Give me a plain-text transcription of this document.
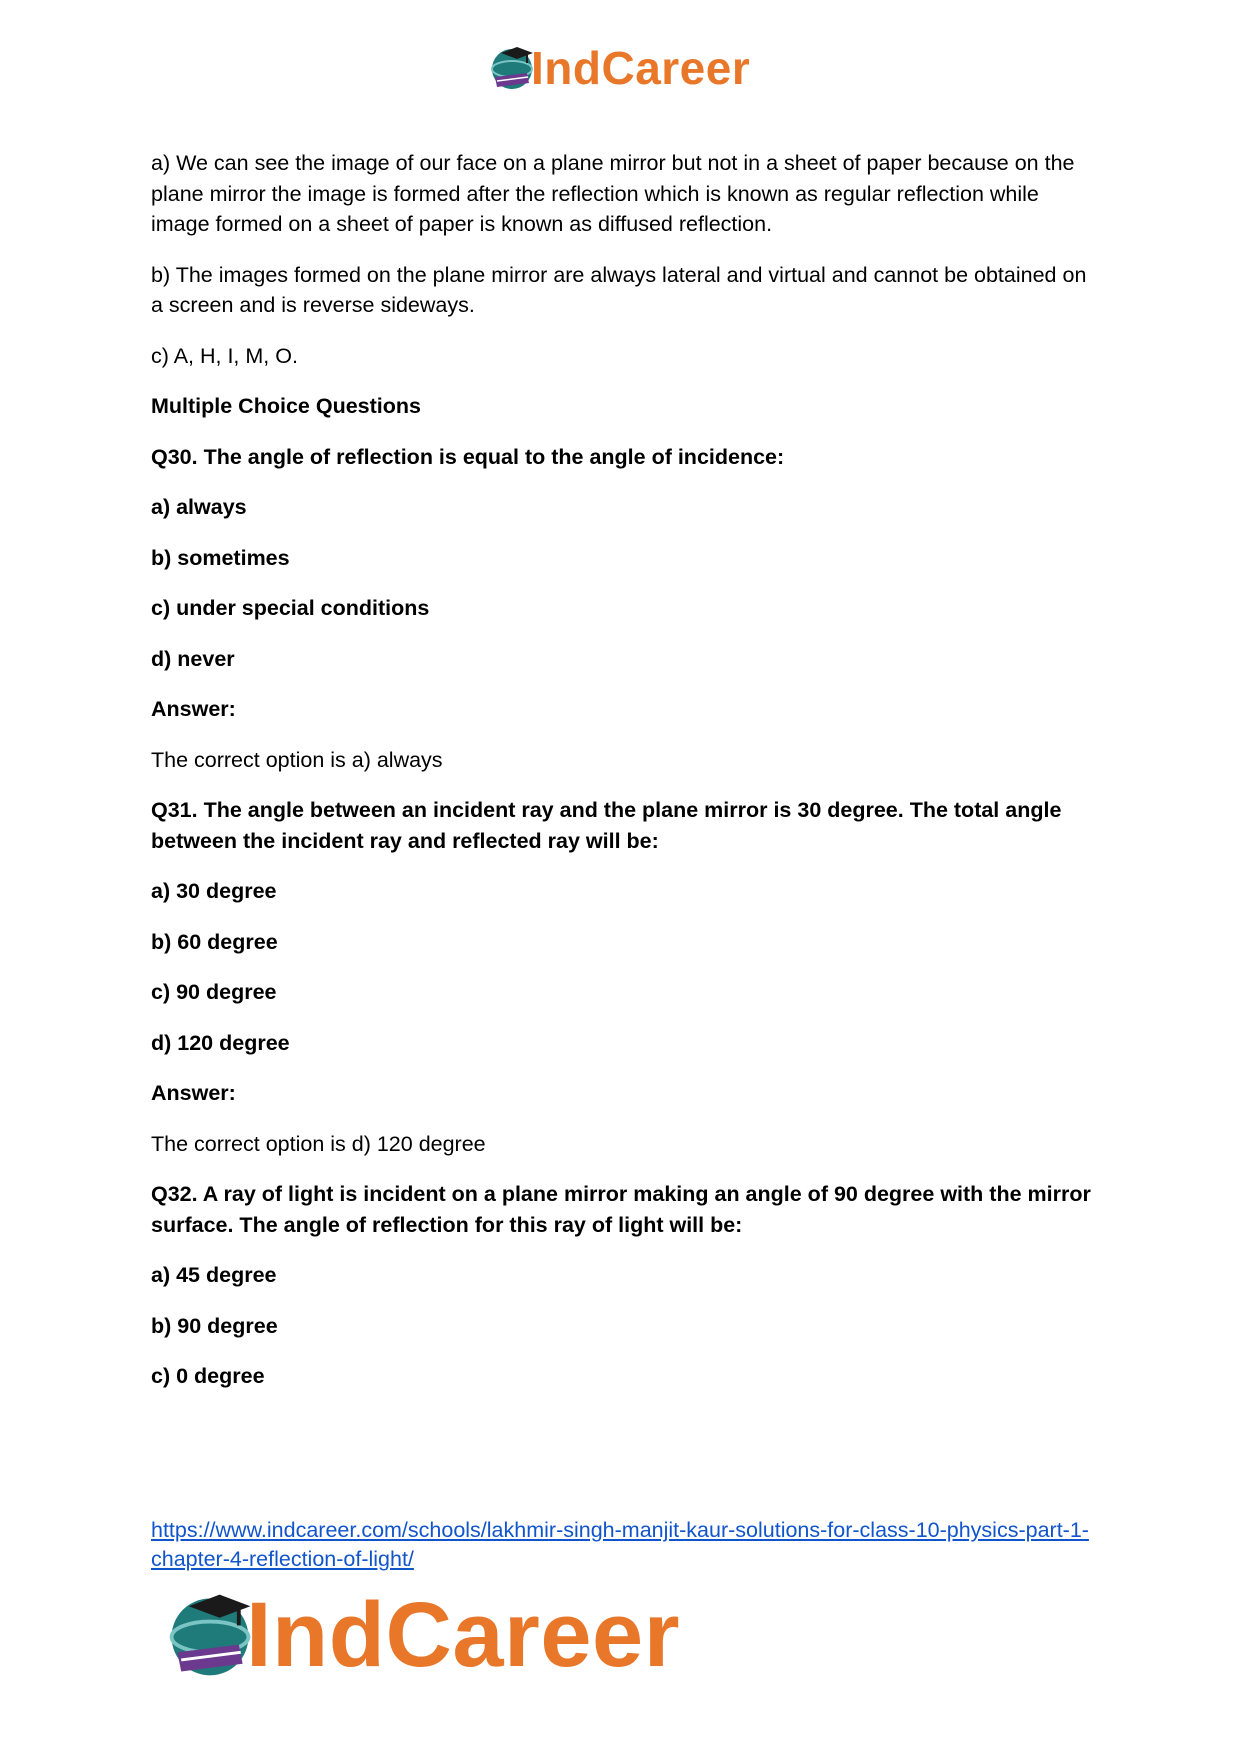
IndCareer

a) We can see the image of our face on a plane mirror but not in a sheet of paper because on the plane mirror the image is formed after the reflection which is known as regular reflection while image formed on a sheet of paper is known as diffused reflection.

b) The images formed on the plane mirror are always lateral and virtual and cannot be obtained on a screen and is reverse sideways.

c) A, H, I, M, O.

Multiple Choice Questions

Q30. The angle of reflection is equal to the angle of incidence:

a) always

b) sometimes

c) under special conditions

d) never

Answer:

The correct option is a) always

Q31. The angle between an incident ray and the plane mirror is 30 degree. The total angle between the incident ray and reflected ray will be:

a) 30 degree

b) 60 degree

c) 90 degree

d) 120 degree

Answer:

The correct option is d) 120 degree

Q32. A ray of light is incident on a plane mirror making an angle of 90 degree with the mirror surface. The angle of reflection for this ray of light will be:

a) 45 degree

b) 90 degree

c) 0 degree

https://www.indcareer.com/schools/lakhmir-singh-manjit-kaur-solutions-for-class-10-physics-part-1-chapter-4-reflection-of-light/
IndCareer
